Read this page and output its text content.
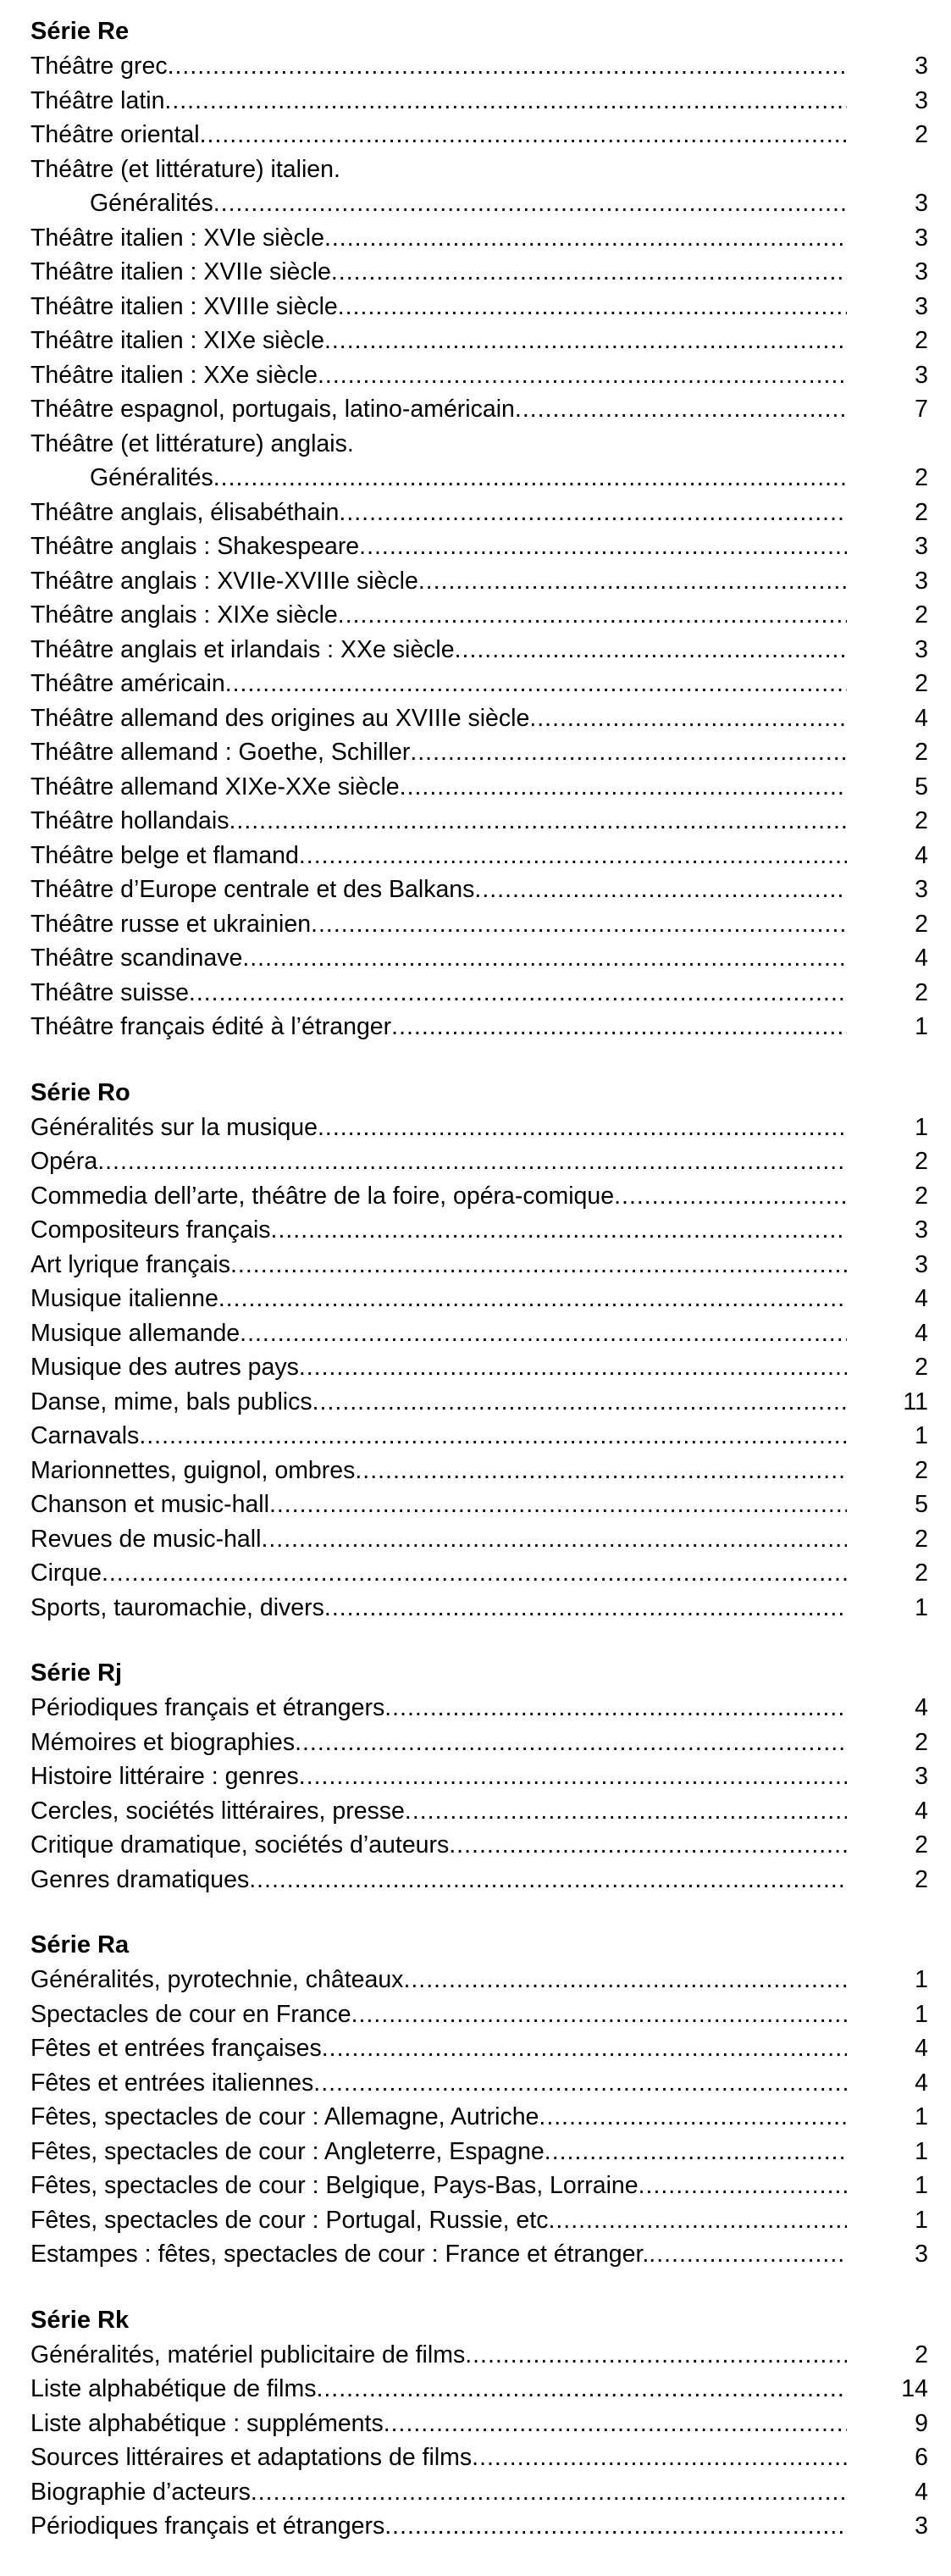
Série Re
Théâtre grec .....	3
Théâtre latin .....	3
Théâtre oriental .....	2
Théâtre (et littérature) italien.
Généralités .....	3
Théâtre italien : XVIe siècle .....	3
Théâtre italien : XVIIe siècle .....	3
Théâtre italien : XVIIIe siècle .....	3
Théâtre italien : XIXe siècle .....	2
Théâtre italien : XXe siècle .....	3
Théâtre espagnol, portugais, latino-américain .....	7
Théâtre (et littérature) anglais.
Généralités .....	2
Théâtre anglais, élisabéthain .....	2
Théâtre anglais : Shakespeare .....	3
Théâtre anglais : XVIIe-XVIIIe siècle .....	3
Théâtre anglais : XIXe siècle .....	2
Théâtre anglais et irlandais : XXe siècle .....	3
Théâtre américain .....	2
Théâtre allemand des origines au XVIIIe siècle .....	4
Théâtre allemand : Goethe, Schiller .....	2
Théâtre allemand XIXe-XXe siècle .....	5
Théâtre hollandais .....	2
Théâtre belge et flamand .....	4
Théâtre d’Europe centrale et des Balkans .....	3
Théâtre russe et ukrainien .....	2
Théâtre scandinave .....	4
Théâtre suisse .....	2
Théâtre français édité à l’étranger .....	1
Série Ro
Généralités sur la musique .....	1
Opéra .....	2
Commedia dell’arte, théâtre de la foire, opéra-comique .....	2
Compositeurs français .....	3
Art lyrique français .....	3
Musique italienne .....	4
Musique allemande .....	4
Musique des autres pays .....	2
Danse, mime, bals publics .....	11
Carnavals .....	1
Marionnettes, guignol, ombres .....	2
Chanson et music-hall .....	5
Revues de music-hall .....	2
Cirque .....	2
Sports, tauromachie, divers .....	1
Série Rj
Périodiques français et étrangers .....	4
Mémoires et biographies .....	2
Histoire littéraire : genres .....	3
Cercles, sociétés littéraires, presse .....	4
Critique dramatique, sociétés d’auteurs .....	2
Genres dramatiques .....	2
Série Ra
Généralités, pyrotechnie, châteaux .....	1
Spectacles de cour en France .....	1
Fêtes et entrées françaises .....	4
Fêtes et entrées italiennes .....	4
Fêtes, spectacles de cour : Allemagne, Autriche .....	1
Fêtes, spectacles de cour : Angleterre, Espagne .....	1
Fêtes, spectacles de cour : Belgique, Pays-Bas, Lorraine .....	1
Fêtes, spectacles de cour : Portugal, Russie, etc .....	1
Estampes : fêtes, spectacles de cour : France et étranger. .....	3
Série Rk
Généralités, matériel publicitaire de films .....	2
Liste alphabétique de films .....	14
Liste alphabétique : suppléments .....	9
Sources littéraires et adaptations de films .....	6
Biographie d’acteurs .....	4
Périodiques français et étrangers .....	3
